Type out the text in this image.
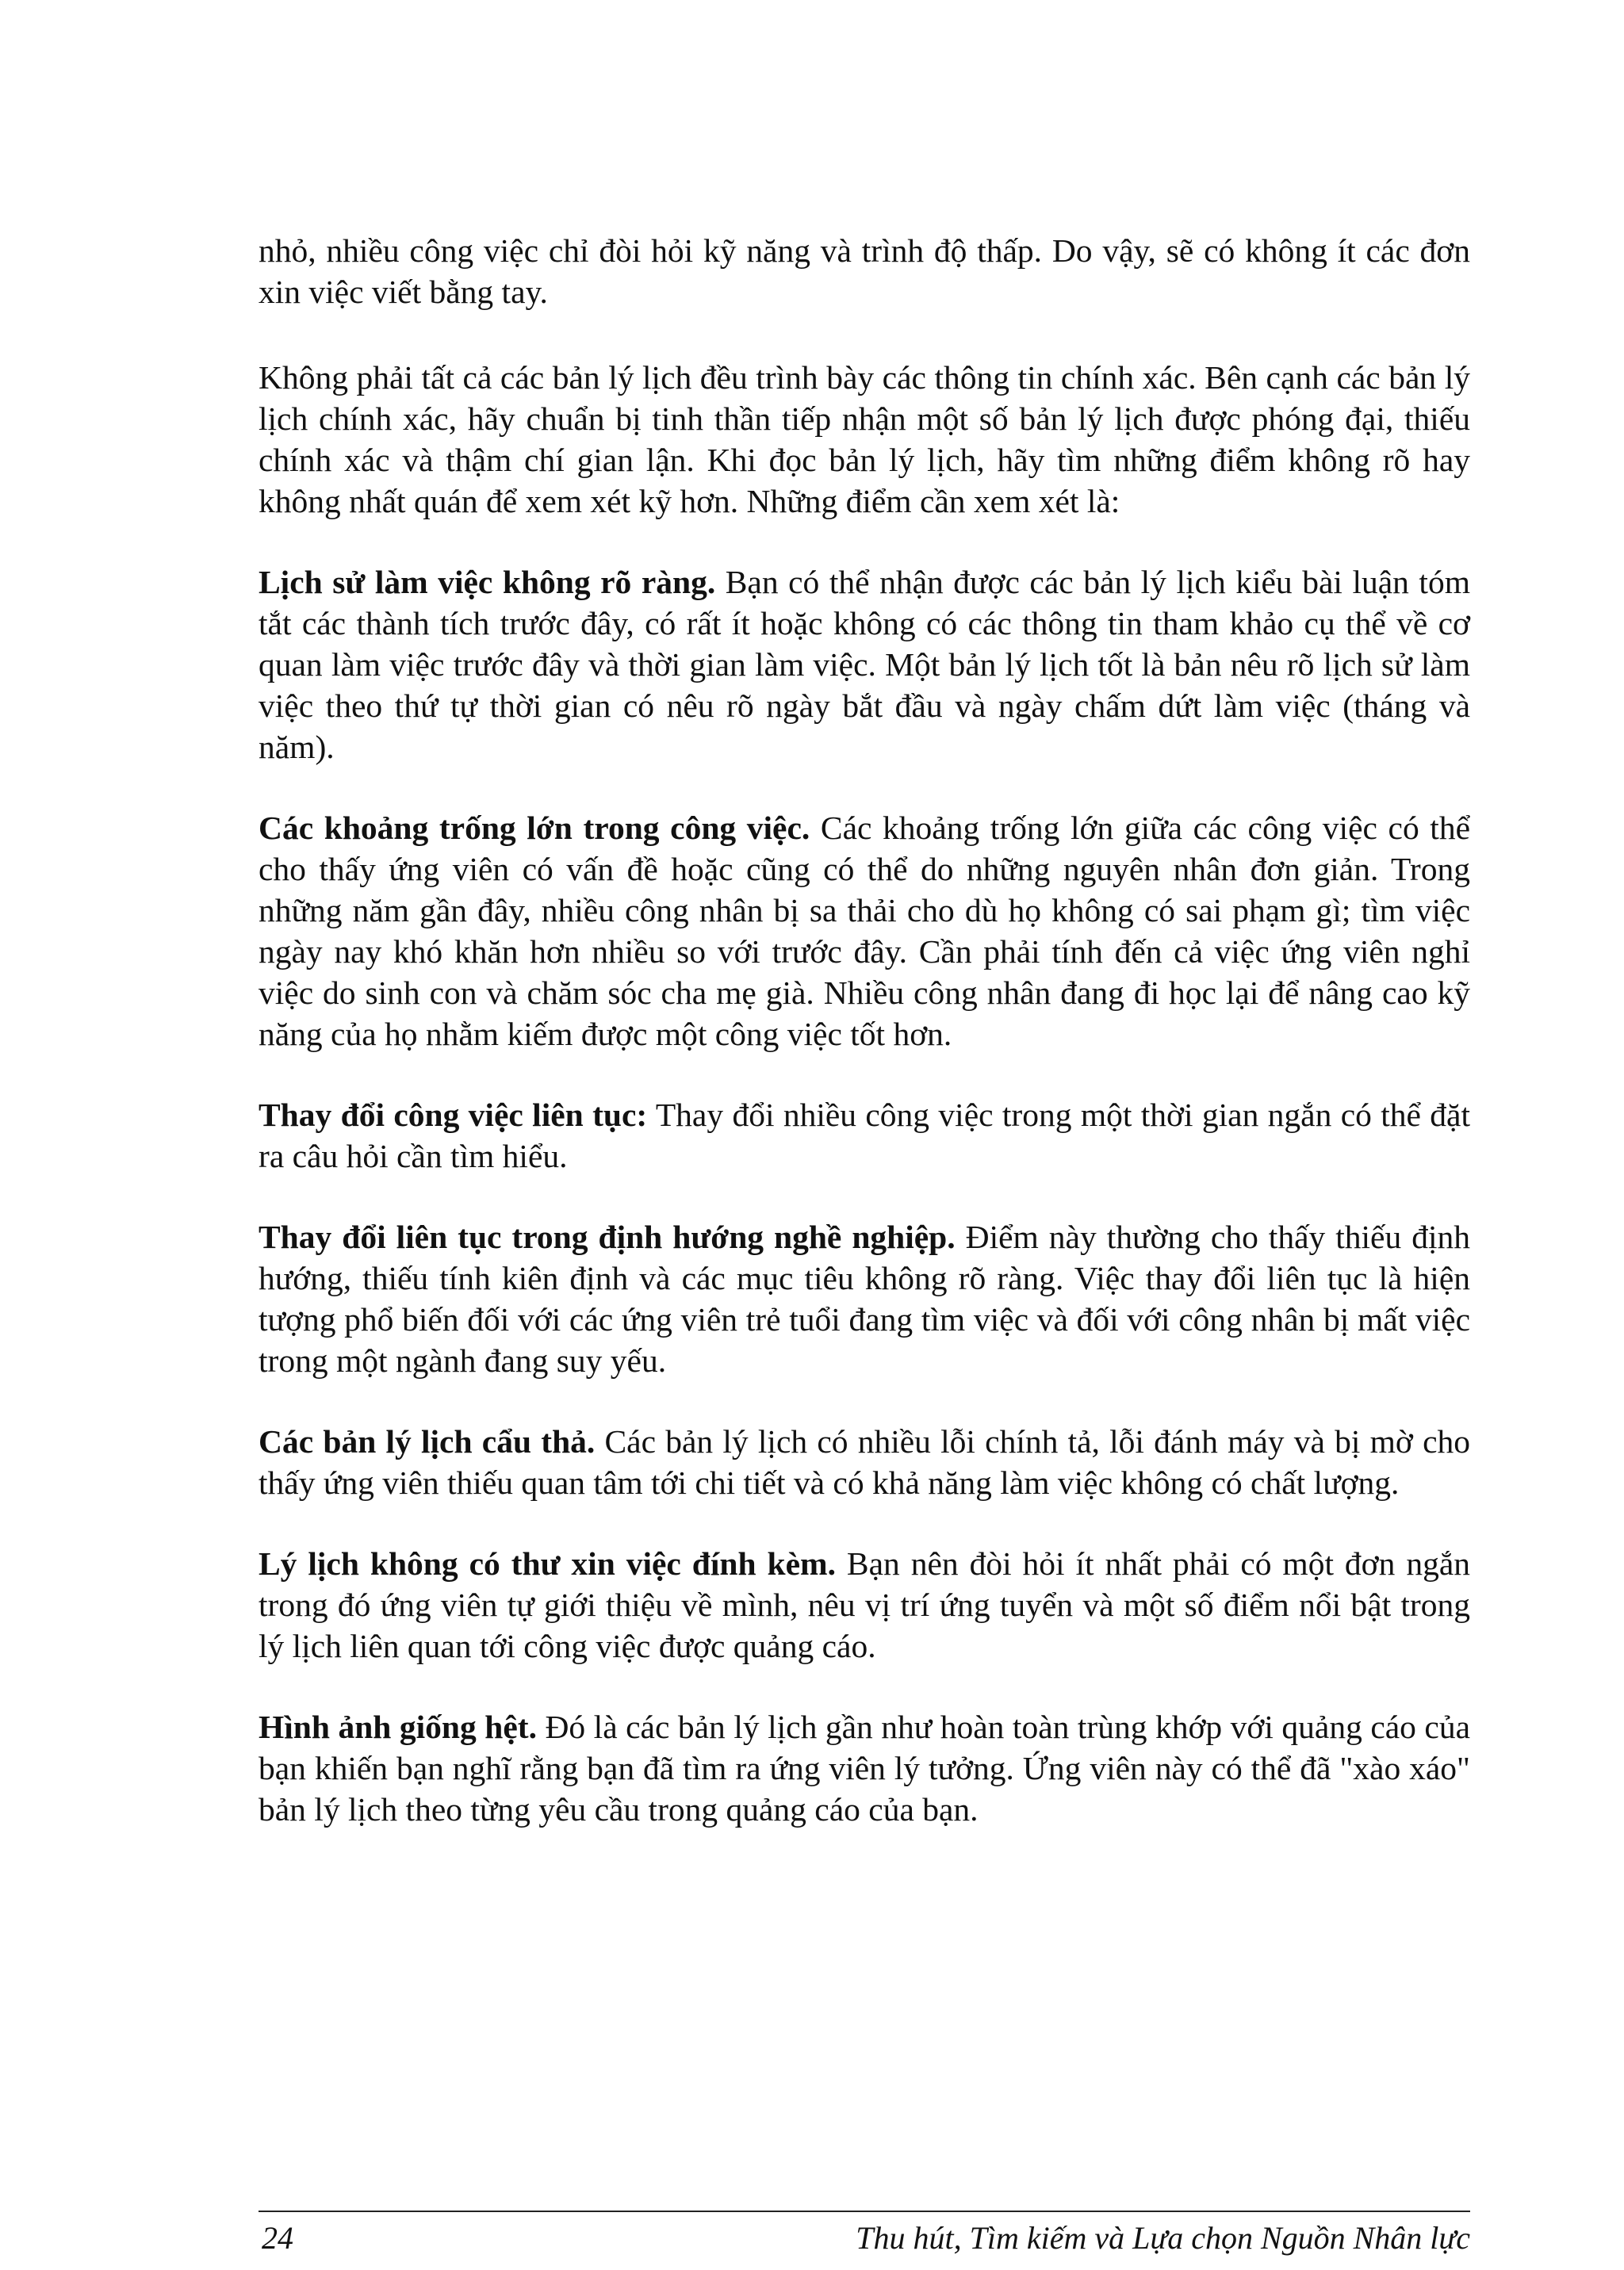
nhỏ, nhiều công việc chỉ đòi hỏi kỹ năng và trình độ thấp. Do vậy, sẽ có không ít các đơn xin việc viết bằng tay.

Không phải tất cả các bản lý lịch đều trình bày các thông tin chính xác. Bên cạnh các bản lý lịch chính xác, hãy chuẩn bị tinh thần tiếp nhận một số bản lý lịch được phóng đại, thiếu chính xác và thậm chí gian lận. Khi đọc bản lý lịch, hãy tìm những điểm không rõ hay không nhất quán để xem xét kỹ hơn. Những điểm cần xem xét là:

Lịch sử làm việc không rõ ràng. Bạn có thể nhận được các bản lý lịch kiểu bài luận tóm tắt các thành tích trước đây, có rất ít hoặc không có các thông tin tham khảo cụ thể về cơ quan làm việc trước đây và thời gian làm việc. Một bản lý lịch tốt là bản nêu rõ lịch sử làm việc theo thứ tự thời gian có nêu rõ ngày bắt đầu và ngày chấm dứt làm việc (tháng và năm).

Các khoảng trống lớn trong công việc. Các khoảng trống lớn giữa các công việc có thể cho thấy ứng viên có vấn đề hoặc cũng có thể do những nguyên nhân đơn giản. Trong những năm gần đây, nhiều công nhân bị sa thải cho dù họ không có sai phạm gì; tìm việc ngày nay khó khăn hơn nhiều so với trước đây. Cần phải tính đến cả việc ứng viên nghỉ việc do sinh con và chăm sóc cha mẹ già. Nhiều công nhân đang đi học lại để nâng cao kỹ năng của họ nhằm kiếm được một công việc tốt hơn.

Thay đổi công việc liên tục: Thay đổi nhiều công việc trong một thời gian ngắn có thể đặt ra câu hỏi cần tìm hiểu.

Thay đổi liên tục trong định hướng nghề nghiệp. Điểm này thường cho thấy thiếu định hướng, thiếu tính kiên định và các mục tiêu không rõ ràng. Việc thay đổi liên tục là hiện tượng phổ biến đối với các ứng viên trẻ tuổi đang tìm việc và đối với công nhân bị mất việc trong một ngành đang suy yếu.

Các bản lý lịch cẩu thả. Các bản lý lịch có nhiều lỗi chính tả, lỗi đánh máy và bị mờ cho thấy ứng viên thiếu quan tâm tới chi tiết và có khả năng làm việc không có chất lượng.

Lý lịch không có thư xin việc đính kèm. Bạn nên đòi hỏi ít nhất phải có một đơn ngắn trong đó ứng viên tự giới thiệu về mình, nêu vị trí ứng tuyển và một số điểm nổi bật trong lý lịch liên quan tới công việc được quảng cáo.

Hình ảnh giống hệt. Đó là các bản lý lịch gần như hoàn toàn trùng khớp với quảng cáo của bạn khiến bạn nghĩ rằng bạn đã tìm ra ứng viên lý tưởng. Ứng viên này có thể đã "xào xáo" bản lý lịch theo từng yêu cầu trong quảng cáo của bạn.

24	Thu hút, Tìm kiếm và Lựa chọn Nguồn Nhân lực
